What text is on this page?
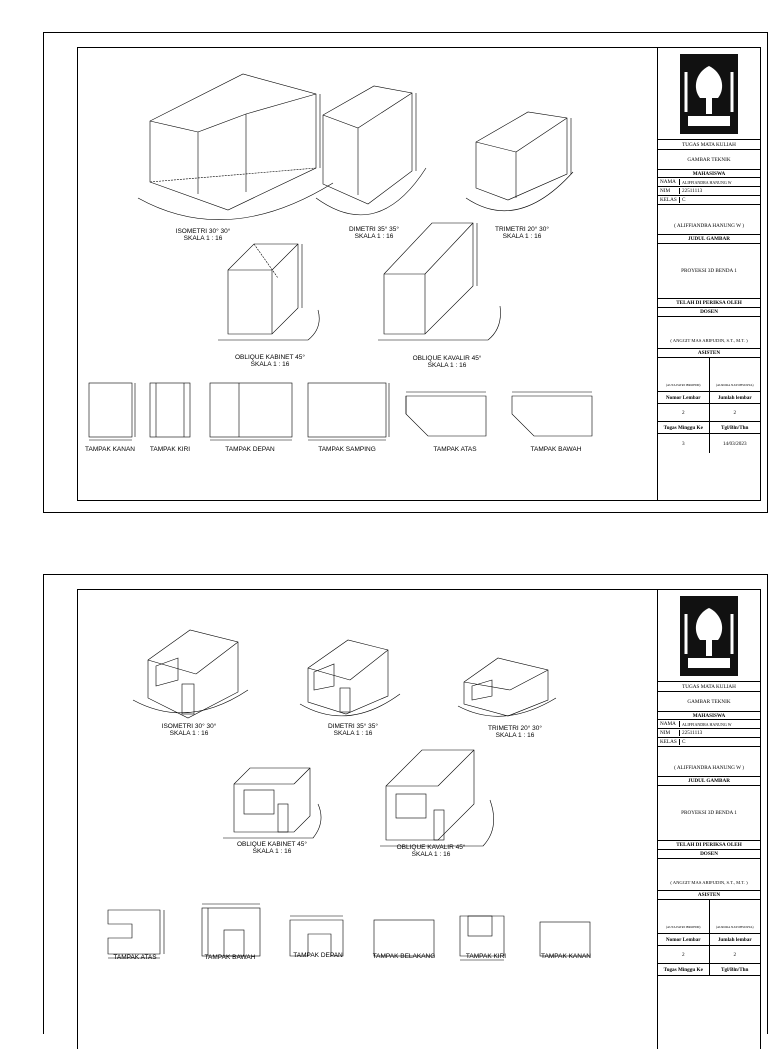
ISOMETRI 30° 30°
SKALA 1 : 16
DIMETRI 35° 35°
SKALA 1 : 16
TRIMETRI 20° 30°
SKALA 1 : 16
OBLIQUE KABINET 45°
SKALA 1 : 16
OBLIQUE KAVALIR 45°
SKALA 1 : 16
TAMPAK KANAN TAMPAK KIRI	TAMPAK DEPAN	TAMPAK SAMPING	TAMPAK ATAS	TAMPAK BAWAH
TUGAS MATA KULIAH
GAMBAR TEKNIK
MAHASISWA
NAMA	ALIFFIANDRA HANUNG W
NIM	22511113
KELAS	C
( ALIFFIANDRA HANUNG W )
JUDUL GAMBAR
PROYEKSI 3D BENDA 1
TELAH DI PERIKSA OLEH
DOSEN
( ANGGIT MAS ARIFUDIN, S.T., M.T. )
ASISTEN
(AUTA PATRI IBROHIM)	(AURORA NAYOHSURYA)
Nomor Lembar	Jumlah lembar
2	2
Tugas Minggu Ke	Tgl/Bln/Thn
3	14/03/2023
ISOMETRI 30° 30°
SKALA 1 : 16
DIMETRI 35° 35°
SKALA 1 : 16
TRIMETRI 20° 30°
SKALA 1 : 16
OBLIQUE KABINET 45°
SKALA 1 : 16
OBLIQUE KAVALIR 45°
SKALA 1 : 16
TAMPAK ATAS	TAMPAK BAWAH	TAMPAK DEPAN	TAMPAK BELAKANG	TAMPAK KIRI	TAMPAK KANAN
TUGAS MATA KULIAH
GAMBAR TEKNIK
MAHASISWA
NAMA	ALIFFIANDRA HANUNG W
NIM	22511113
KELAS	C
( ALIFFIANDRA HANUNG W )
JUDUL GAMBAR
PROYEKSI 3D BENDA 1
TELAH DI PERIKSA OLEH
DOSEN
( ANGGIT MAS ARIFUDIN, S.T., M.T. )
ASISTEN
(AUTA PATRI IBROHIM)	(AURORA NAYOHSURYA)
Nomor Lembar	Jumlah lembar
2	2
Tugas Minggu Ke	Tgl/Bln/Thn
